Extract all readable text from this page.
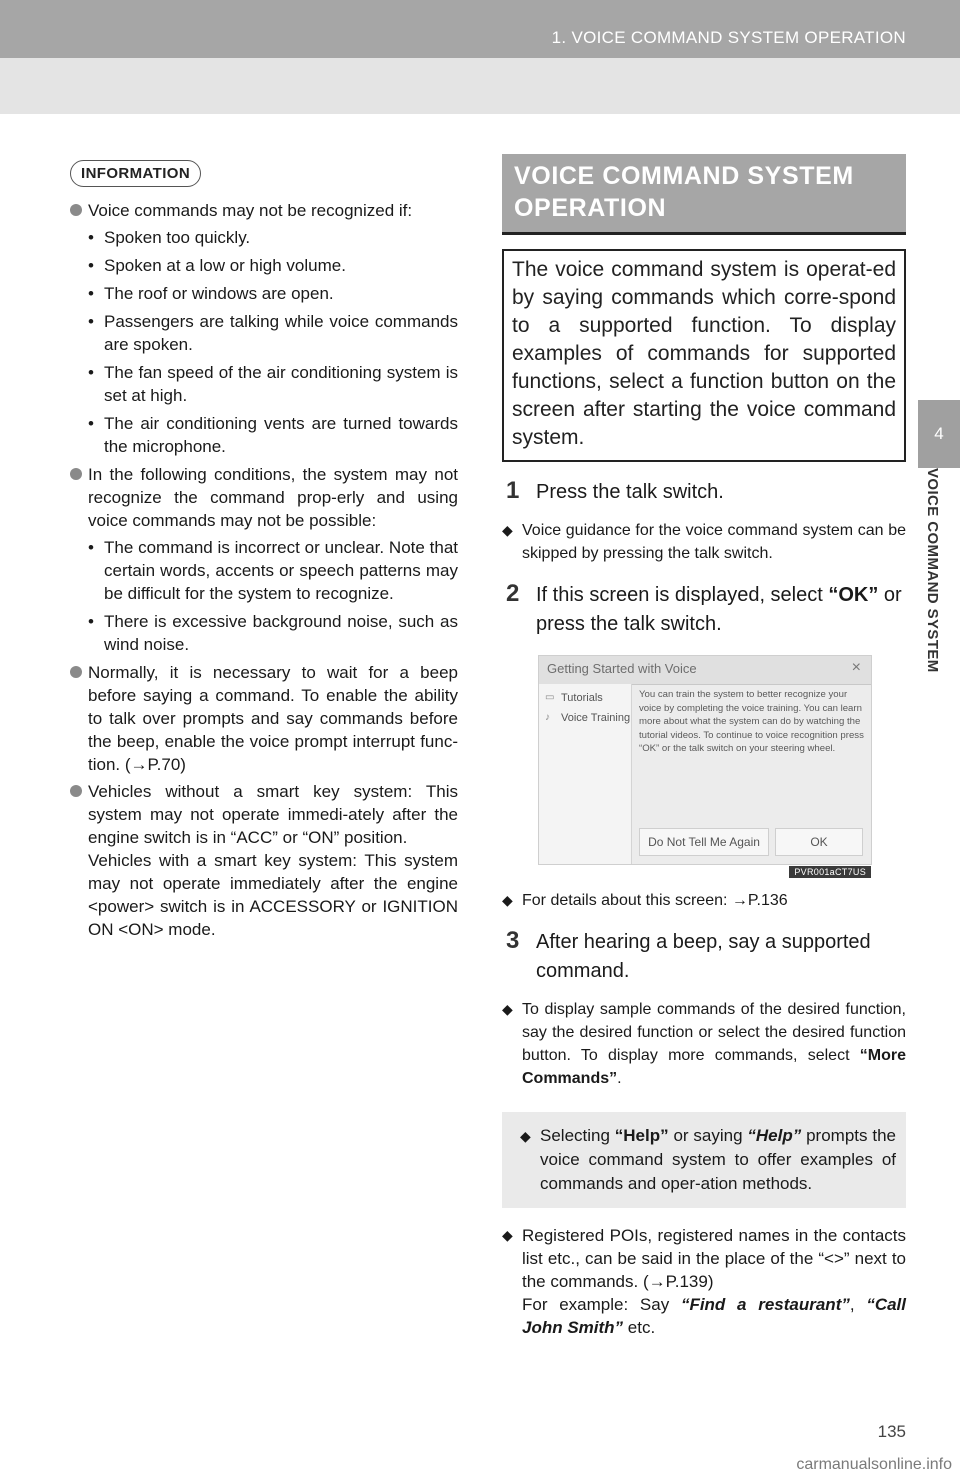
1. VOICE COMMAND SYSTEM OPERATION
4
VOICE COMMAND SYSTEM
INFORMATION
Voice commands may not be recognized if:
• Spoken too quickly.
• Spoken at a low or high volume.
• The roof or windows are open.
• Passengers are talking while voice commands are spoken.
• The fan speed of the air conditioning system is set at high.
• The air conditioning vents are turned towards the microphone.
In the following conditions, the system may not recognize the command prop-erly and using voice commands may not be possible:
• The command is incorrect or unclear. Note that certain words, accents or speech patterns may be difficult for the system to recognize.
• There is excessive background noise, such as wind noise.
Normally, it is necessary to wait for a beep before saying a command. To enable the ability to talk over prompts and say commands before the beep, enable the voice prompt interrupt func-tion. (→P.70)
Vehicles without a smart key system: This system may not operate immedi-ately after the engine switch is in “ACC” or “ON” position.
Vehicles with a smart key system: This system may not operate immediately after the engine <power> switch is in ACCESSORY or IGNITION ON <ON> mode.
VOICE COMMAND SYSTEM OPERATION
The voice command system is operat-ed by saying commands which corre-spond to a supported function. To display examples of commands for supported functions, select a function button on the screen after starting the voice command system.
1 Press the talk switch.
◆ Voice guidance for the voice command system can be skipped by pressing the talk switch.
2 If this screen is displayed, select “OK” or press the talk switch.
Getting Started with Voice	×
▭ Tutorials
♪ Voice Training
You can train the system to better recognize your voice by completing the voice training. You can learn more about what the system can do by watching the tutorial videos. To continue to voice recognition press “OK” or the talk switch on your steering wheel.
Do Not Tell Me Again	OK
PVR001aCT7US
◆ For details about this screen: →P.136
3 After hearing a beep, say a supported command.
◆ To display sample commands of the desired function, say the desired function or select the desired function button. To display more commands, select “More Commands”.
◆ Selecting “Help” or saying “Help” prompts the voice command system to offer examples of commands and oper-ation methods.
◆ Registered POIs, registered names in the contacts list etc., can be said in the place of the “<>” next to the commands. (→P.139)
For example: Say “Find a restaurant”, “Call John Smith” etc.
135
carmanualsonline.info
